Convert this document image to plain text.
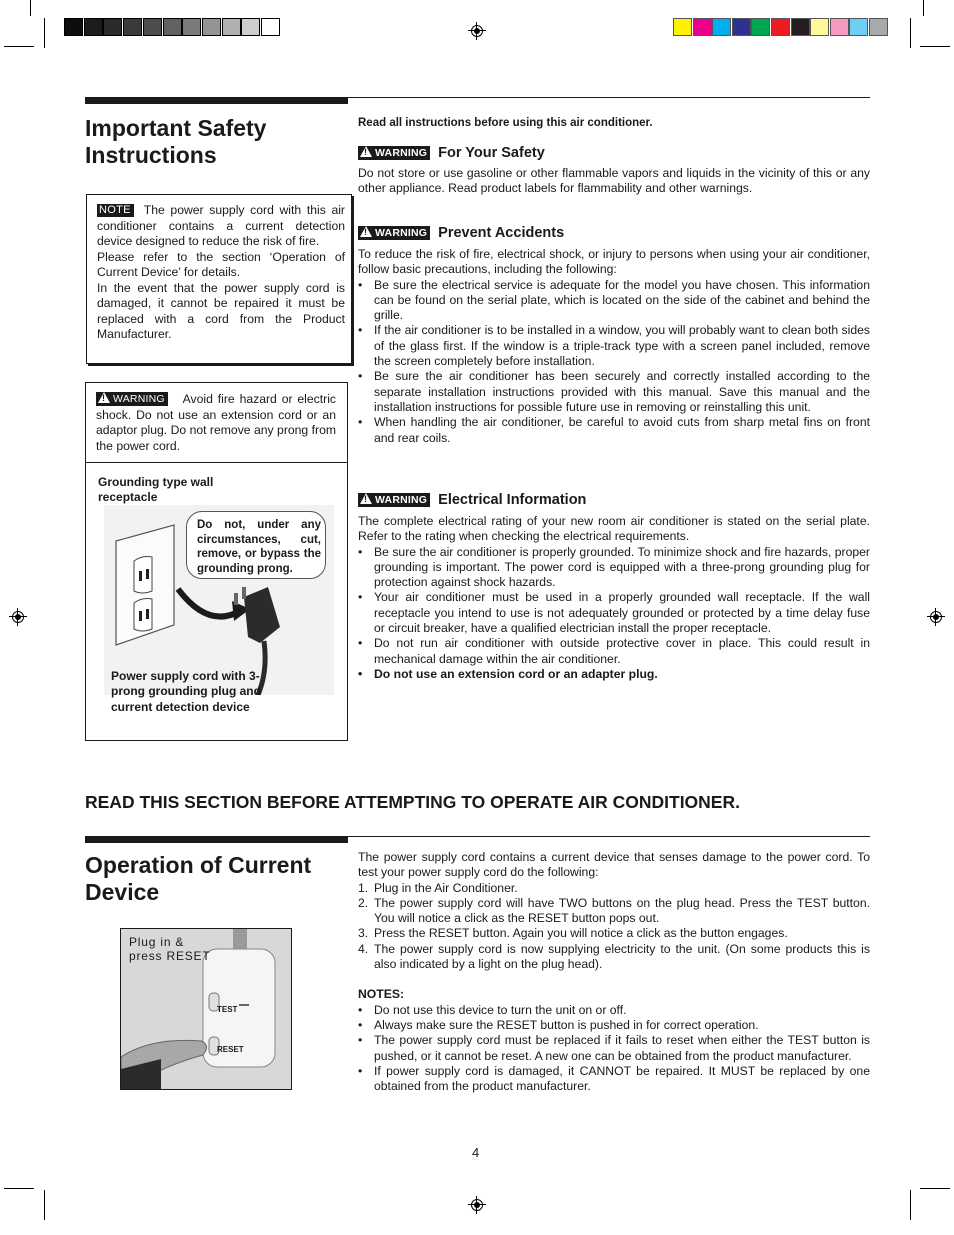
Important Safety Instructions
NOTE The power supply cord with this air conditioner contains a current detection device designed to reduce the risk of fire.
Please refer to the section ‘Operation of Current Device’ for details.
In the event that the power supply cord is damaged, it cannot be repaired it must be replaced with a cord from the Product Manufacturer.
!WARNING Avoid fire hazard or electric shock. Do not use an extension cord or an adaptor plug. Do not remove any prong from the power cord.
Grounding type wall receptacle
Do not, under any circumstances, cut, remove, or bypass the grounding prong.
Power supply cord with 3-prong grounding plug and current detection device
Read all instructions before using this air conditioner.
!WARNING For Your Safety
Do not store or use gasoline or other flammable vapors and liquids in the vicinity of this or any other appliance. Read product labels for flammability and other warnings.
!WARNING Prevent Accidents
To reduce the risk of fire, electrical shock, or injury to persons when using your air conditioner, follow basic precautions, including the following:
• Be sure the electrical service is adequate for the model you have chosen. This information can be found on the serial plate, which is located on the side of the cabinet and behind the grille.
• If the air conditioner is to be installed in a window, you will probably want to clean both sides of the glass first. If the window is a triple-track type with a screen panel included, remove the screen completely before installation.
• Be sure the air conditioner has been securely and correctly installed according to the separate installation instructions provided with this manual. Save this manual and the installation instructions for possible future use in removing or reinstalling this unit.
• When handling the air conditioner, be careful to avoid cuts from sharp metal fins on front and rear coils.
!WARNING Electrical Information
The complete electrical rating of your new room air conditioner is stated on the serial plate. Refer to the rating when checking the electrical requirements.
• Be sure the air conditioner is properly grounded. To minimize shock and fire hazards, proper grounding is important. The power cord is equipped with a three-prong grounding plug for protection against shock hazards.
• Your air conditioner must be used in a properly grounded wall receptacle. If the wall receptacle you intend to use is not adequately grounded or protected by a time delay fuse or circuit breaker, have a qualified electrician install the proper receptacle.
• Do not run air conditioner with outside protective cover in place. This could result in mechanical damage within the air conditioner.
• Do not use an extension cord or an adapter plug.
READ THIS SECTION BEFORE ATTEMPTING TO OPERATE AIR CONDITIONER.
Operation of Current Device
Plug in & press RESET
TEST
RESET
The power supply cord contains a current device that senses damage to the power cord. To test your power supply cord do the following:
1. Plug in the Air Conditioner.
2. The power supply cord will have TWO buttons on the plug head. Press the TEST button. You will notice a click as the RESET button pops out.
3. Press the RESET button. Again you will notice a click as the button engages.
4. The power supply cord is now supplying electricity to the unit. (On some products this is also indicated by a light on the plug head).
NOTES:
• Do not use this device to turn the unit on or off.
• Always make sure the RESET button is pushed in for correct operation.
• The power supply cord must be replaced if it fails to reset when either the TEST button is pushed, or it cannot be reset. A new one can be obtained from the product manufacturer.
• If power supply cord is damaged, it CANNOT be repaired. It MUST be replaced by one obtained from the product manufacturer.
4
